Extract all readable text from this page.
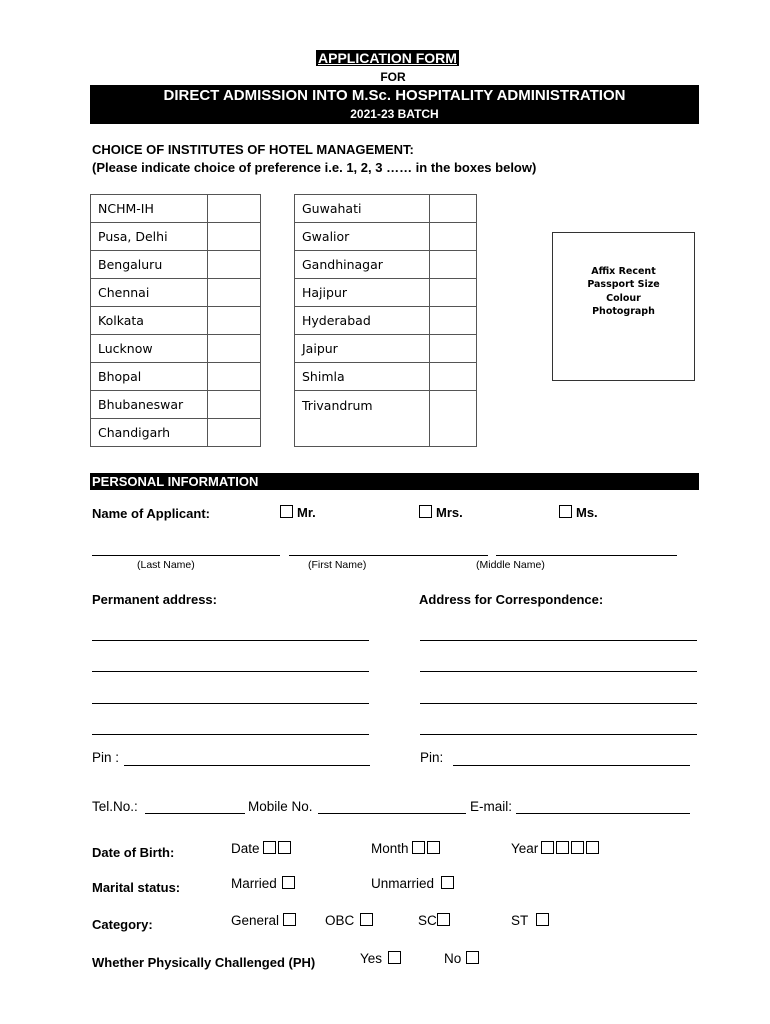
APPLICATION FORM
FOR
DIRECT ADMISSION INTO M.Sc. HOSPITALITY ADMINISTRATION
2021-23 BATCH
CHOICE OF INSTITUTES OF HOTEL MANAGEMENT:
(Please indicate choice of preference i.e. 1, 2, 3 …… in the boxes below)
NCHM-IH	
Pusa, Delhi	
Bengaluru	
Chennai	
Kolkata	
Lucknow	
Bhopal	
Bhubaneswar	
Chandigarh	
Guwahati	
Gwalior	
Gandhinagar	
Hajipur	
Hyderabad	
Jaipur	
Shimla	
Trivandrum	

Affix Recent
Passport Size
Colour
Photograph
PERSONAL INFORMATION
Name of Applicant:	Mr.	Mrs.	Ms.
(Last Name)	(First Name)	(Middle Name)
Permanent address:	Address for Correspondence:
Pin :	Pin:
Tel.No.:	Mobile No.	E-mail:
Date of Birth:	Date	Month	Year
Marital status:	Married	Unmarried
Category:	General	OBC	SC	ST
Whether Physically Challenged (PH)	Yes	No
